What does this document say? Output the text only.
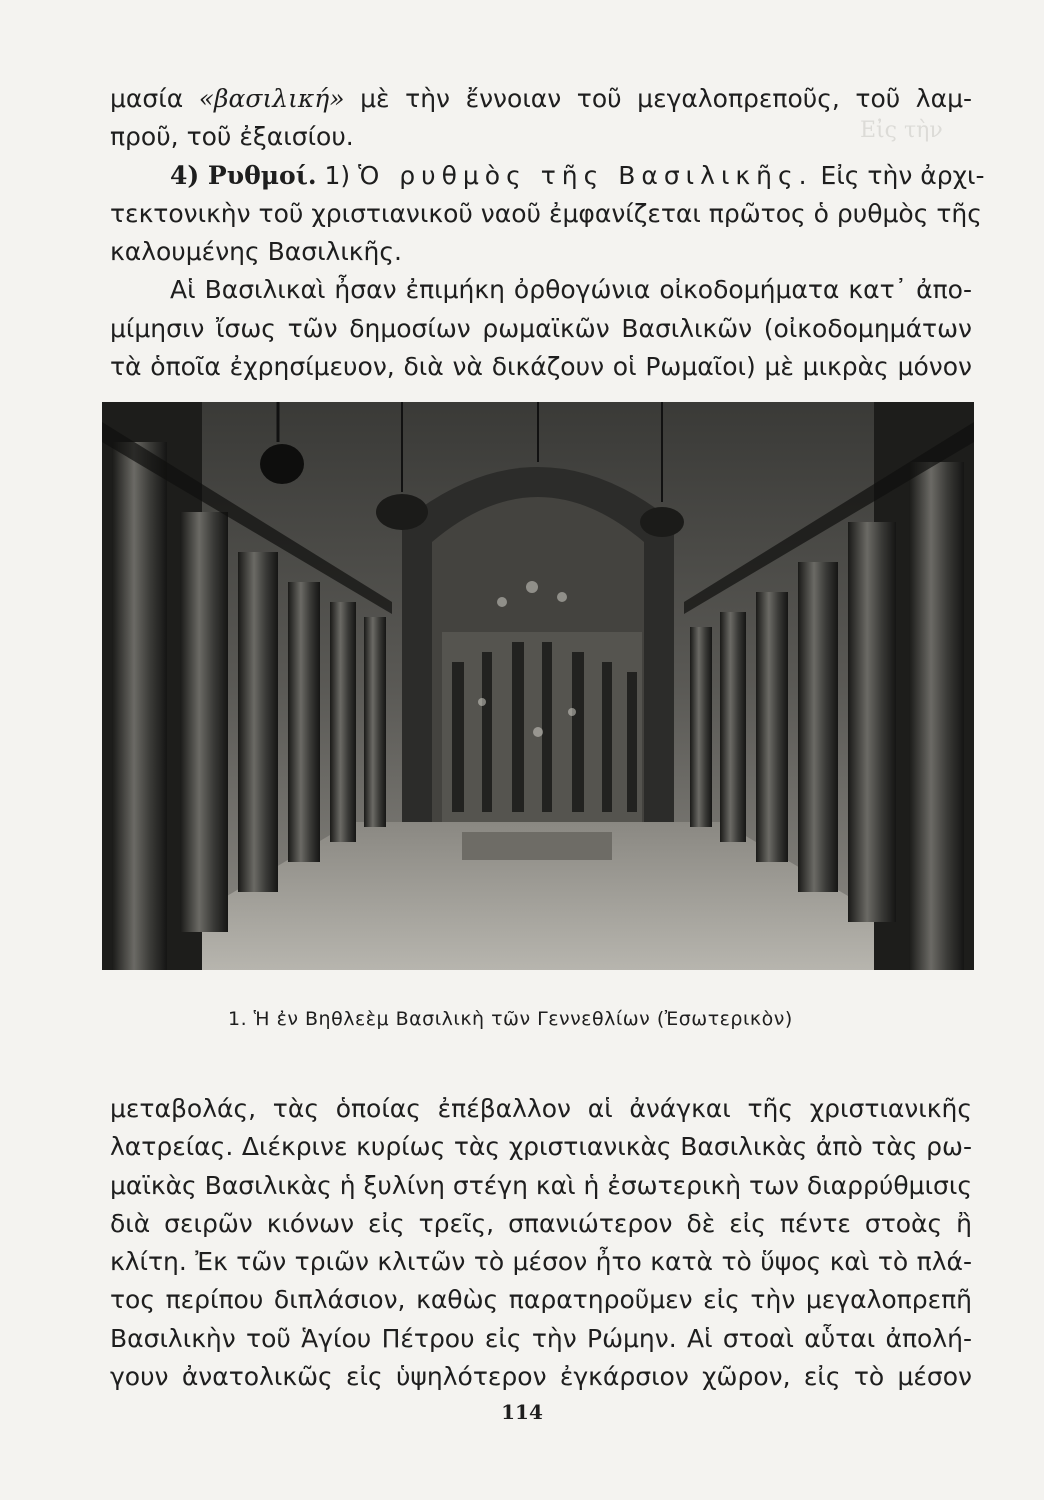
Εἰς τὴν
μασία «βασιλική» μὲ τὴν ἔννοιαν τοῦ μεγαλοπρεποῦς, τοῦ λαμ-
προῦ, τοῦ ἐξαισίου.
4) Ρυθμοί. 1) Ὁ ρυθμὸς τῆς Βασιλικῆς. Εἰς τὴν ἀρχι-
τεκτονικὴν τοῦ χριστιανικοῦ ναοῦ ἐμφανίζεται πρῶτος ὁ ρυθμὸς τῆς
καλουμένης Βασιλικῆς.
Αἱ Βασιλικαὶ ἦσαν ἐπιμήκη ὀρθογώνια οἰκοδομήματα κατ᾽ ἀπο-
μίμησιν ἴσως τῶν δημοσίων ρωμαϊκῶν Βασιλικῶν (οἰκοδομημάτων
τὰ ὁποῖα ἐχρησίμευον, διὰ νὰ δικάζουν οἱ Ρωμαῖοι) μὲ μικρὰς μόνον
1. Ἡ ἐν Βηθλεὲμ Βασιλικὴ τῶν Γεννεθλίων (Ἐσωτερικὸν)
μεταβολάς, τὰς ὁποίας ἐπέβαλλον αἱ ἀνάγκαι τῆς χριστιανικῆς
λατρείας. Διέκρινε κυρίως τὰς χριστιανικὰς Βασιλικὰς ἀπὸ τὰς ρω-
μαϊκὰς Βασιλικὰς ἡ ξυλίνη στέγη καὶ ἡ ἐσωτερικὴ των διαρρύθμισις
διὰ σειρῶν κιόνων εἰς τρεῖς, σπανιώτερον δὲ εἰς πέντε στοὰς ἢ
κλίτη. Ἐκ τῶν τριῶν κλιτῶν τὸ μέσον ἦτο κατὰ τὸ ὕψος καὶ τὸ πλά-
τος περίπου διπλάσιον, καθὼς παρατηροῦμεν εἰς τὴν μεγαλοπρεπῆ
Βασιλικὴν τοῦ Ἁγίου Πέτρου εἰς τὴν Ρώμην. Αἱ στοαὶ αὗται ἀπολή-
γουν ἀνατολικῶς εἰς ὑψηλότερον ἐγκάρσιον χῶρον, εἰς τὸ μέσον
114
